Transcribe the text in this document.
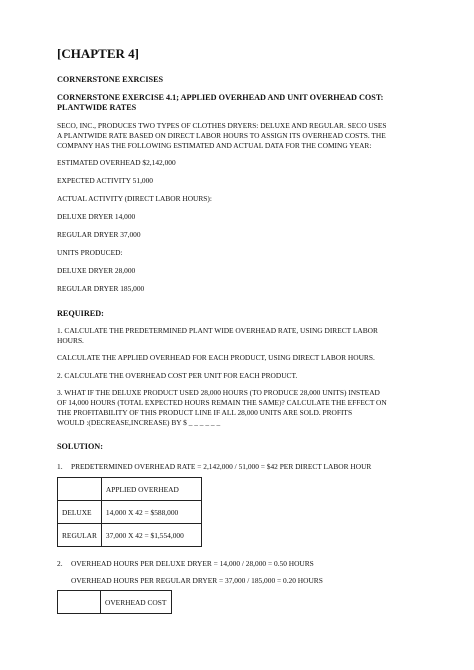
[CHAPTER 4]
CORNERSTONE EXRCISES
CORNERSTONE EXERCISE 4.1; APPLIED OVERHEAD AND UNIT OVERHEAD COST:
PLANTWIDE RATES
SECO, INC., PRODUCES TWO TYPES OF CLOTHES DRYERS: DELUXE AND REGULAR. SECO USES
A PLANTWIDE RATE BASED ON DIRECT LABOR HOURS TO ASSIGN ITS OVERHEAD COSTS. THE
COMPANY HAS THE FOLLOWING ESTIMATED AND ACTUAL DATA FOR THE COMING YEAR:
ESTIMATED OVERHEAD $2,142,000
EXPECTED ACTIVITY 51,000
ACTUAL ACTIVITY (DIRECT LABOR HOURS):
DELUXE DRYER 14,000
REGULAR DRYER 37,000
UNITS PRODUCED:
DELUXE DRYER 28,000
REGULAR DRYER 185,000
REQUIRED:
1. CALCULATE THE PREDETERMINED PLANT WIDE OVERHEAD RATE, USING DIRECT LABOR
HOURS.
CALCULATE THE APPLIED OVERHEAD FOR EACH PRODUCT, USING DIRECT LABOR HOURS.
2. CALCULATE THE OVERHEAD COST PER UNIT FOR EACH PRODUCT.
3. WHAT IF THE DELUXE PRODUCT USED 28,000 HOURS (TO PRODUCE 28,000 UNITS) INSTEAD
OF 14,000 HOURS (TOTAL EXPECTED HOURS REMAIN THE SAME)? CALCULATE THE EFFECT ON
THE PROFITABILITY OF THIS PRODUCT LINE IF ALL 28,000 UNITS ARE SOLD. PROFITS
WOULD :(DECREASE,INCREASE) BY $ _ _ _ _ _ _
SOLUTION:
1. PREDETERMINED OVERHEAD RATE = 2,142,000 / 51,000 = $42 PER DIRECT LABOR HOUR
	APPLIED OVERHEAD
DELUXE	14,000 X 42 = $588,000
REGULAR	37,000 X 42 = $1,554,000
2. OVERHEAD HOURS PER DELUXE DRYER = 14,000 / 28,000 = 0.50 HOURS
OVERHEAD HOURS PER REGULAR DRYER = 37,000 / 185,000 = 0.20 HOURS
	OVERHEAD COST
